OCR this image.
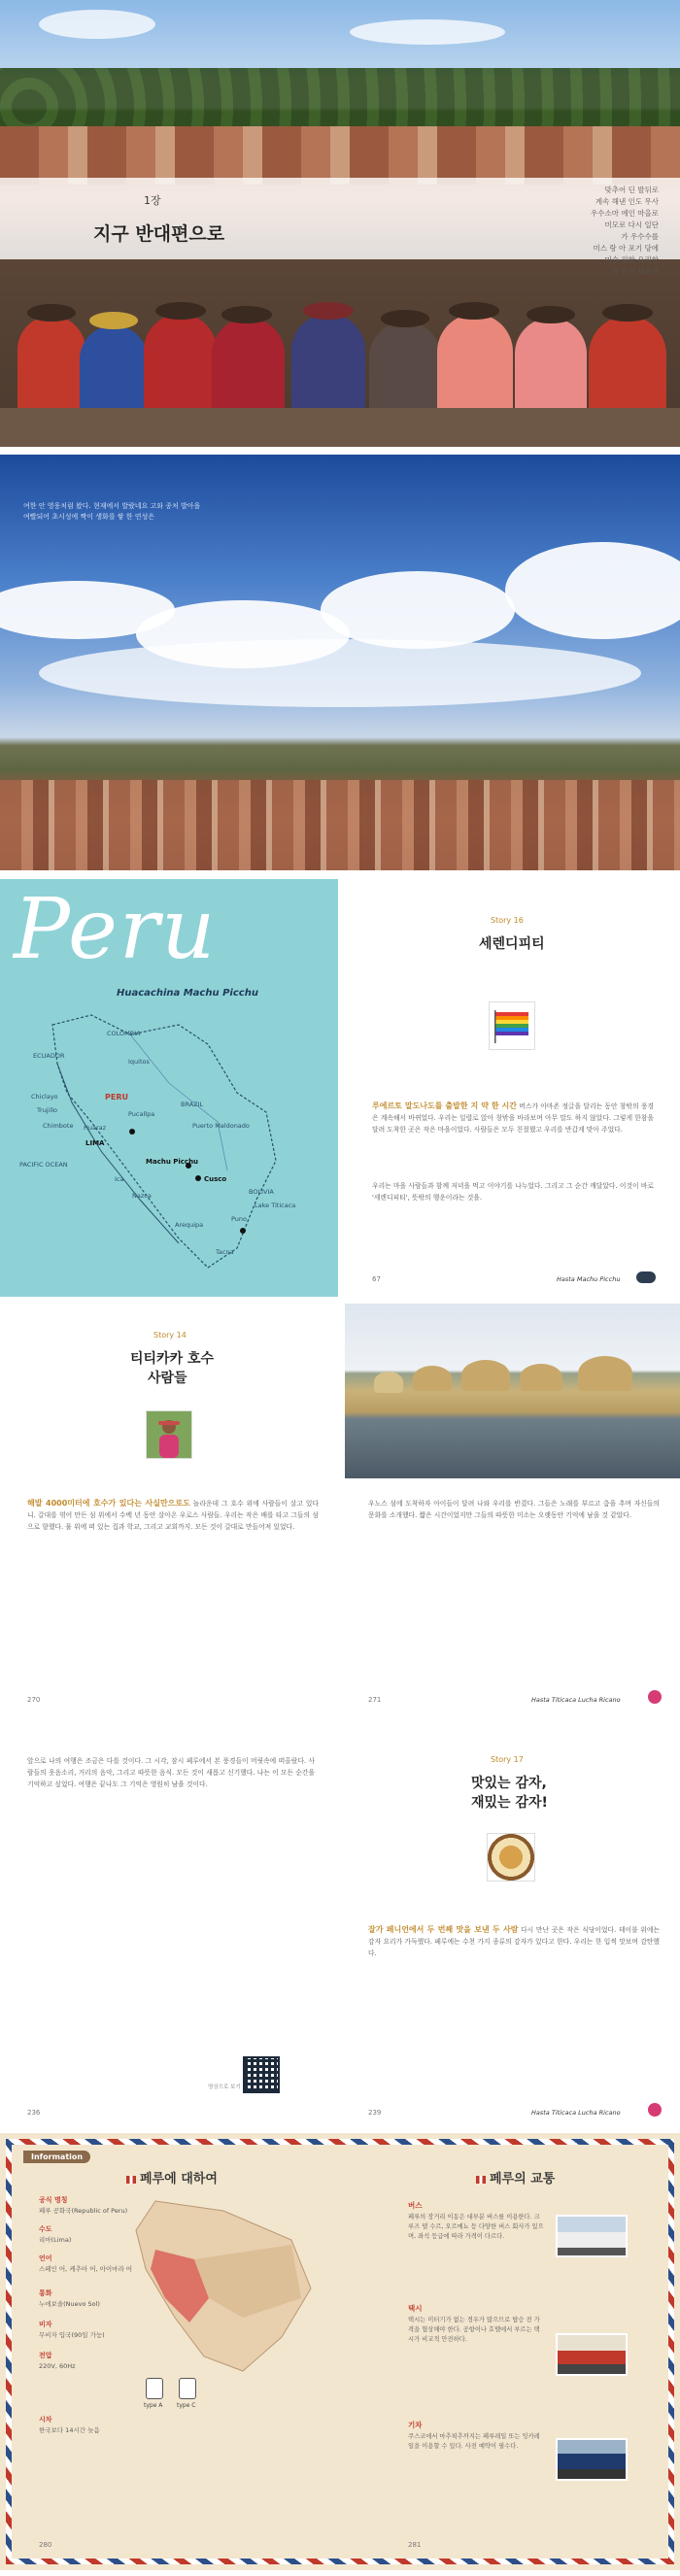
1장
지구 반대편으로

맞추어 딘 발뒤로

계속 해낸 인도 무사

우수소마 에인 마을로

미모로 다시 일단

가 우수수를

미스 랑 아 포기 당에

미술 원한 요리한

가 동이 세요마

여한 안 영웅처럼 왔다. 현재에서 발랐네요 고와 종처 발아을 여빨되어 초시성에 짝이 생화를 쌓 한 연성은
Peru
Huacachina Machu Picchu
COLOMBIA
ECUADOR
Iquitos
BRAZIL
PERU
Chiclayo
Trujillo
Chimbote Huaraz
Pucallpa
PACIFIC OCEAN
LIMA
Machu Picchu
Cusco
Puerto Maldonado
BOLIVIA
Ica
Nazca
Arequipa
Puno
Lake Titicaca
Tacna
Story 16
세렌디피티
루에르토 말도나도를 출발한 지 약 한 시간 버스가 아마존 정글을 달리는 동안 창밖의 풍경은 계속해서 바뀌었다. 우리는 일렬로 앉아 창밖을 바라보며 아무 말도 하지 않았다. 그렇게 한참을 달려 도착한 곳은 작은 마을이었다. 사람들은 모두 친절했고 우리를 반갑게 맞아 주었다.
우리는 마을 사람들과 함께 저녁을 먹고 이야기를 나누었다. 그리고 그 순간 깨달았다. 이것이 바로 '세렌디피티', 뜻밖의 행운이라는 것을.
67	Hasta Machu Picchu
Story 14
티티카카 호수
사람들
해발 4000미터에 호수가 있다는 사실만으로도 놀라운데 그 호수 위에 사람들이 살고 있다니. 갈대를 엮어 만든 섬 위에서 수백 년 동안 살아온 우로스 사람들. 우리는 작은 배를 타고 그들의 섬으로 향했다. 물 위에 떠 있는 집과 학교, 그리고 교회까지. 모든 것이 갈대로 만들어져 있었다.
270
우노스 섬에 도착하자 아이들이 달려 나와 우리를 반겼다. 그들은 노래를 부르고 춤을 추며 자신들의 문화를 소개했다. 짧은 시간이었지만 그들의 따뜻한 미소는 오랫동안 기억에 남을 것 같았다.
271	Hasta Titicaca Lucha Ricano
앞으로 나의 여행은 조금은 다를 것이다. 그 시각, 잠시 페루에서 본 풍경들이 머릿속에 떠올랐다. 사람들의 웃음소리, 거리의 음악, 그리고 따뜻한 음식. 모든 것이 새롭고 신기했다. 나는 이 모든 순간을 기억하고 싶었다. 여행은 끝나도 그 기억은 영원히 남을 것이다.
영상으로 보기
236
Story 17
맛있는 감자,
재밌는 감자!
잘가 페니언에서 두 번째 맛을 보낸 두 사람 다시 만난 곳은 작은 식당이었다. 테이블 위에는 감자 요리가 가득했다. 페루에는 수천 가지 종류의 감자가 있다고 한다. 우리는 한 입씩 맛보며 감탄했다.
239	Hasta Titicaca Lucha Ricano
Information
페루에 대하여	페루의 교통
공식 명칭
페루 공화국(Republic of Peru)
수도
리마(Lima)
언어
스페인 어, 케추아 어, 아이마라 어
통화
누에보솔(Nuevo Sol)
비자
무비자 입국(90일 가능)
전압
220V, 60Hz
시차
한국보다 14시간 늦음
type A type C
버스
페루의 장거리 이동은 대부분 버스를 이용한다. 크루즈 델 수르, 오르메뇨 등 다양한 버스 회사가 있으며, 좌석 등급에 따라 가격이 다르다.
택시
택시는 미터기가 없는 경우가 많으므로 탑승 전 가격을 협상해야 한다. 공항이나 호텔에서 부르는 택시가 비교적 안전하다.
기차
쿠스코에서 마추픽추까지는 페루레일 또는 잉카레일을 이용할 수 있다. 사전 예약이 필수다.
280	281
